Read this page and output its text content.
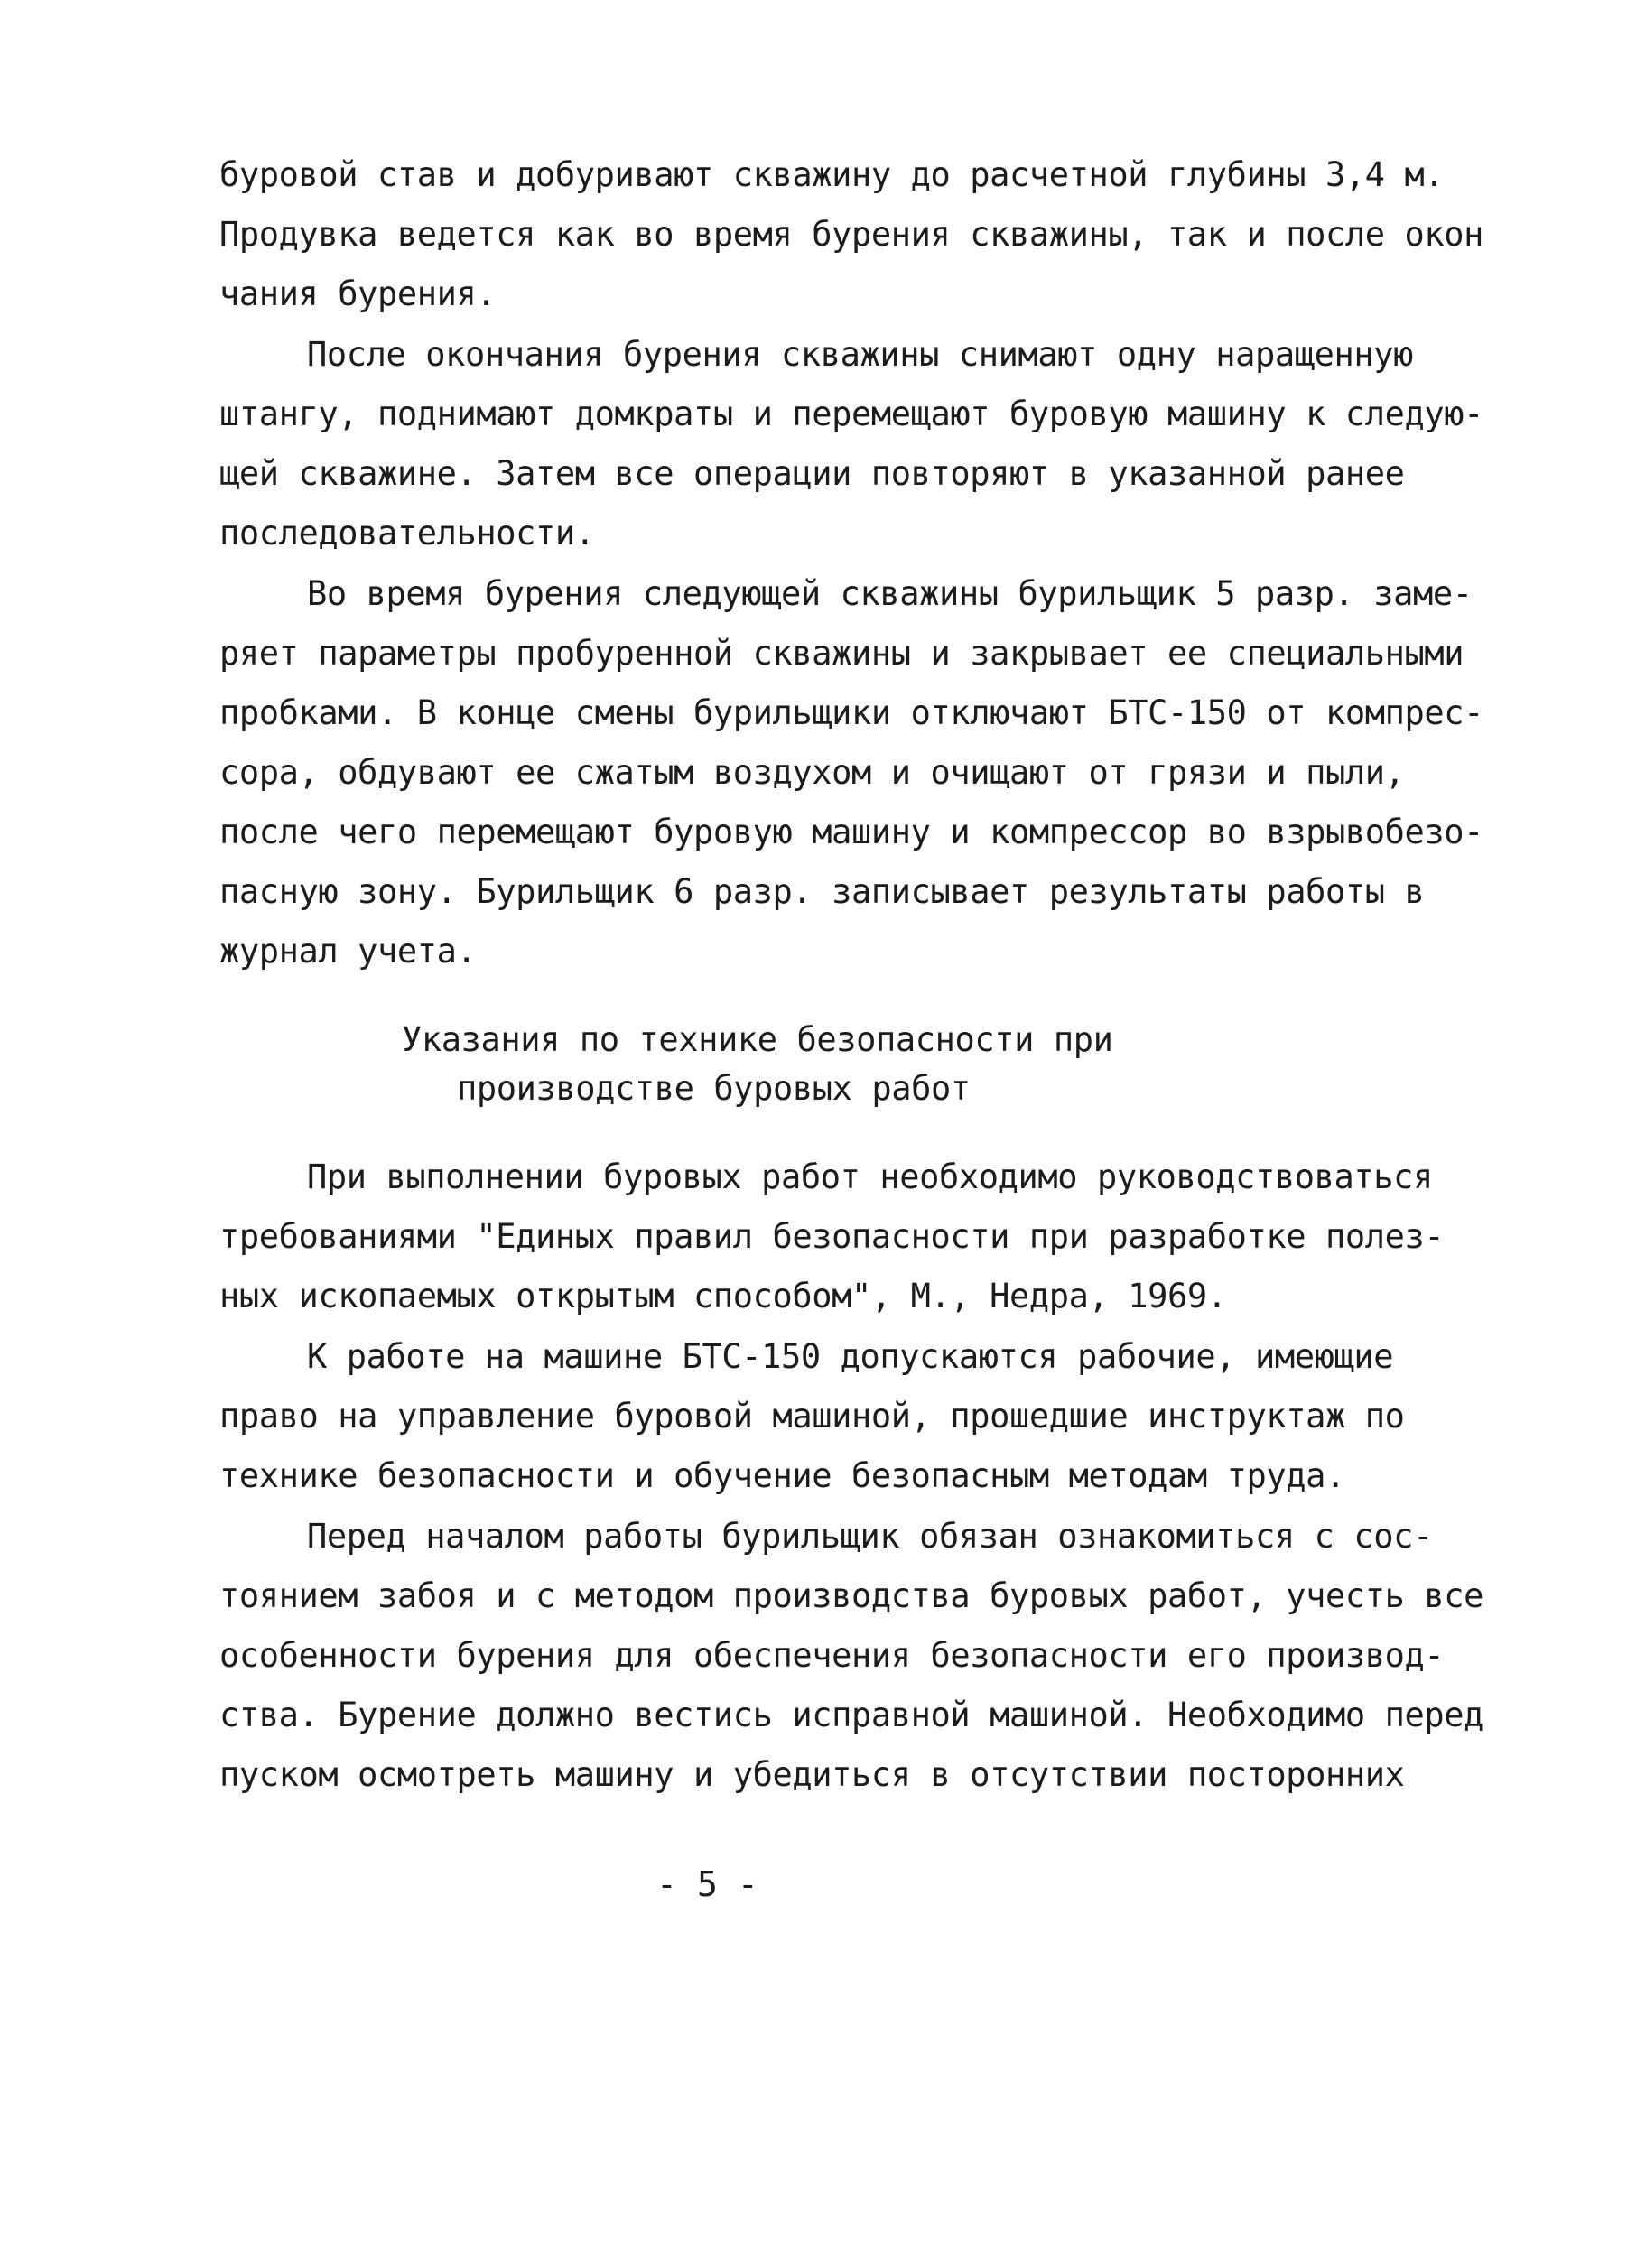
буровой став и добуривают скважину до расчетной глубины 3,4 м.
Продувка ведется как во время бурения скважины, так и после окон
чания бурения.
После окончания бурения скважины снимают одну наращенную
штангу, поднимают домкраты и перемещают буровую машину к следую-
щей скважине. Затем все операции повторяют в указанной ранее
последовательности.
Во время бурения следующей скважины бурильщик 5 разр. заме-
ряет параметры пробуренной скважины и закрывает ее специальными
пробками. В конце смены бурильщики отключают БТС-150 от компрес-
сора, обдувают ее сжатым воздухом и очищают от грязи и пыли,
после чего перемещают буровую машину и компрессор во взрывобезо-
пасную зону. Бурильщик 6 разр. записывает результаты работы в
журнал учета.
Указания по технике безопасности при
производстве буровых работ
При выполнении буровых работ необходимо руководствоваться
требованиями "Единых правил безопасности при разработке полез-
ных ископаемых открытым способом", М., Недра, 1969.
К работе на машине БТС-150 допускаются рабочие, имеющие
право на управление буровой машиной, прошедшие инструктаж по
технике безопасности и обучение безопасным методам труда.
Перед началом работы бурильщик обязан ознакомиться с сос-
тоянием забоя и с методом производства буровых работ, учесть все
особенности бурения для обеспечения безопасности его производ-
ства. Бурение должно вестись исправной машиной. Необходимо перед
пуском осмотреть машину и убедиться в отсутствии посторонних
- 5 -
